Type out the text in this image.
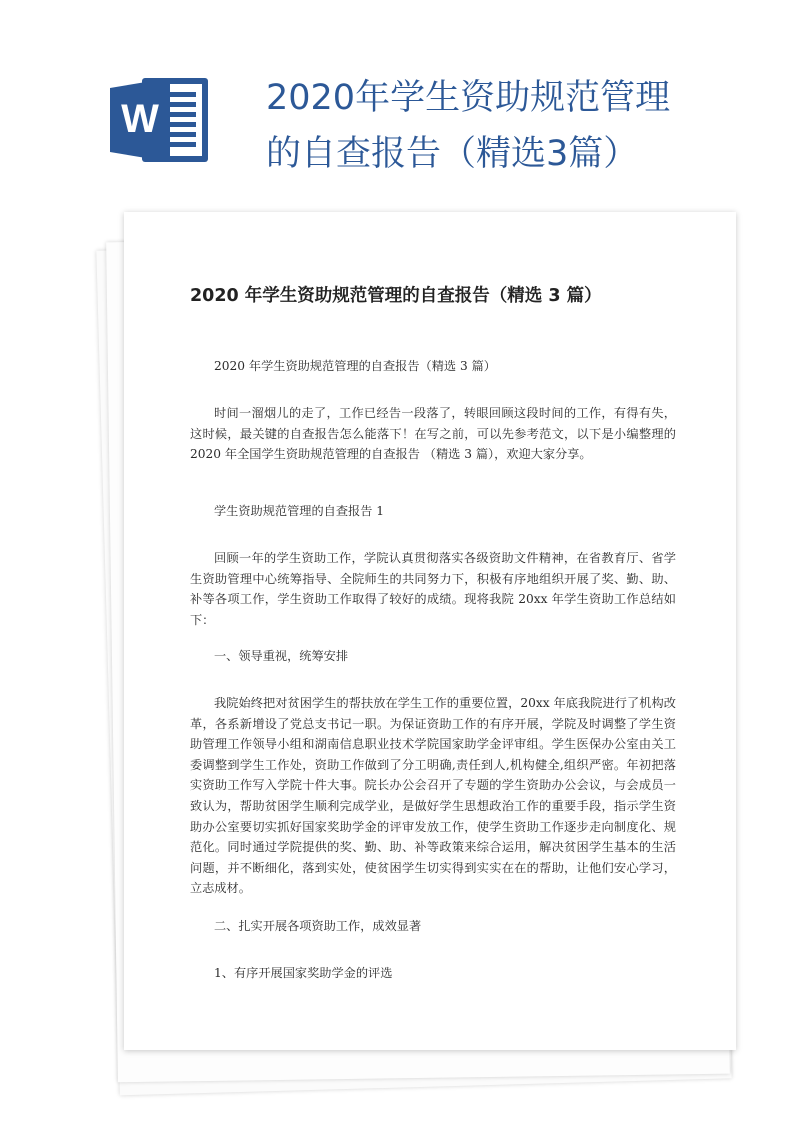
W	2020年学生资助规范管理
的自查报告（精选3篇）
2020 年学生资助规范管理的自查报告（精选 3 篇）

2020 年学生资助规范管理的自查报告（精选 3 篇）

时间一溜烟儿的走了，工作已经告一段落了，转眼回顾这段时间的工作，有得有失，这时候，最关键的自查报告怎么能落下！在写之前，可以先参考范文，以下是小编整理的 2020 年全国学生资助规范管理的自查报告 （精选 3 篇），欢迎大家分享。

学生资助规范管理的自查报告 1

回顾一年的学生资助工作，学院认真贯彻落实各级资助文件精神，在省教育厅、省学生资助管理中心统筹指导、全院师生的共同努力下，积极有序地组织开展了奖、勤、助、补等各项工作，学生资助工作取得了较好的成绩。现将我院 20xx 年学生资助工作总结如下：

一、领导重视，统筹安排

我院始终把对贫困学生的帮扶放在学生工作的重要位置，20xx 年底我院进行了机构改革，各系新增设了党总支书记一职。为保证资助工作的有序开展，学院及时调整了学生资助管理工作领导小组和湖南信息职业技术学院国家助学金评审组。学生医保办公室由关工委调整到学生工作处，资助工作做到了分工明确,责任到人,机构健全,组织严密。年初把落实资助工作写入学院十件大事。院长办公会召开了专题的学生资助办公会议，与会成员一致认为，帮助贫困学生顺利完成学业，是做好学生思想政治工作的重要手段，指示学生资助办公室要切实抓好国家奖助学金的评审发放工作，使学生资助工作逐步走向制度化、规范化。同时通过学院提供的奖、勤、助、补等政策来综合运用，解决贫困学生基本的生活问题，并不断细化，落到实处，使贫困学生切实得到实实在在的帮助，让他们安心学习，立志成材。

二、扎实开展各项资助工作，成效显著

1、有序开展国家奖助学金的评选
